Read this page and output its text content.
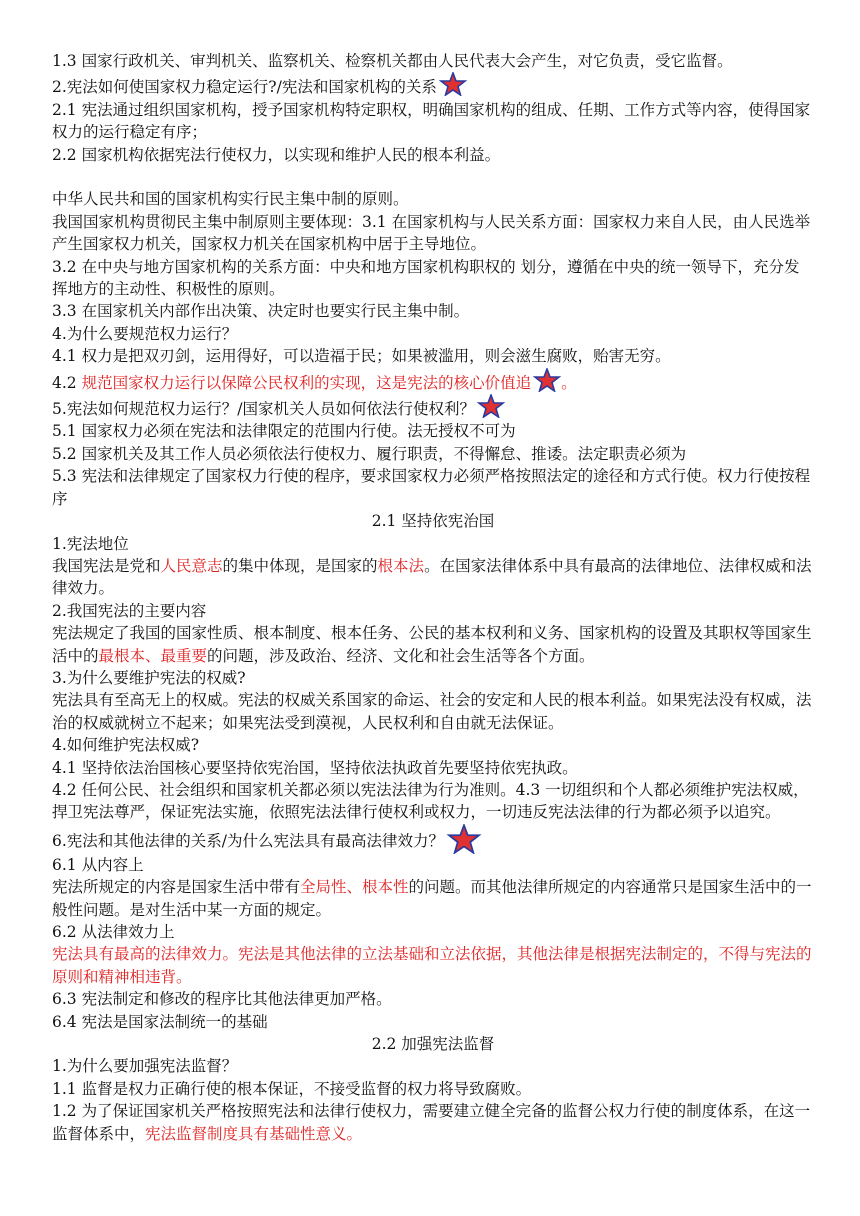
1.3 国家行政机关、审判机关、监察机关、检察机关都由人民代表大会产生，对它负责，受它监督。
2.宪法如何使国家权力稳定运行?/宪法和国家机构的关系
2.1 宪法通过组织国家机构，授予国家机构特定职权，明确国家机构的组成、任期、工作方式等内容，使得国家权力的运行稳定有序；
2.2 国家机构依据宪法行使权力，以实现和维护人民的根本利益。
中华人民共和国的国家机构实行民主集中制的原则。
我国国家机构贯彻民主集中制原则主要体现：3.1 在国家机构与人民关系方面：国家权力来自人民，由人民选举产生国家权力机关，国家权力机关在国家机构中居于主导地位。
3.2 在中央与地方国家机构的关系方面：中央和地方国家机构职权的 划分，遵循在中央的统一领导下，充分发挥地方的主动性、积极性的原则。
3.3 在国家机关内部作出决策、决定时也要实行民主集中制。
4.为什么要规范权力运行？
4.1 权力是把双刃剑，运用得好，可以造福于民；如果被滥用，则会滋生腐败，贻害无穷。
4.2 规范国家权力运行以保障公民权利的实现，这是宪法的核心价值追 。
5.宪法如何规范权力运行？/国家机关人员如何依法行使权利？
5.1 国家权力必须在宪法和法律限定的范围内行使。法无授权不可为
5.2 国家机关及其工作人员必须依法行使权力、履行职责，不得懈怠、推诿。法定职责必须为
5.3 宪法和法律规定了国家权力行使的程序，要求国家权力必须严格按照法定的途径和方式行使。权力行使按程序
2.1 坚持依宪治国
1.宪法地位
我国宪法是党和人民意志的集中体现，是国家的根本法。在国家法律体系中具有最高的法律地位、法律权威和法律效力。
2.我国宪法的主要内容
宪法规定了我国的国家性质、根本制度、根本任务、公民的基本权利和义务、国家机构的设置及其职权等国家生活中的最根本、最重要的问题，涉及政治、经济、文化和社会生活等各个方面。
3.为什么要维护宪法的权威?
宪法具有至高无上的权威。宪法的权威关系国家的命运、社会的安定和人民的根本利益。如果宪法没有权威，法治的权威就树立不起来；如果宪法受到漠视，人民权利和自由就无法保证。
4.如何维护宪法权威?
4.1 坚持依法治国核心要坚持依宪治国，坚持依法执政首先要坚持依宪执政。
4.2 任何公民、社会组织和国家机关都必须以宪法法律为行为准则。4.3 一切组织和个人都必须维护宪法权威，捍卫宪法尊严，保证宪法实施，依照宪法法律行使权利或权力，一切违反宪法法律的行为都必须予以追究。
6.宪法和其他法律的关系/为什么宪法具有最高法律效力？
6.1 从内容上
宪法所规定的内容是国家生活中带有全局性、根本性的问题。而其他法律所规定的内容通常只是国家生活中的一般性问题。是对生活中某一方面的规定。
6.2 从法律效力上
宪法具有最高的法律效力。宪法是其他法律的立法基础和立法依据，其他法律是根据宪法制定的，不得与宪法的原则和精神相违背。
6.3 宪法制定和修改的程序比其他法律更加严格。
6.4 宪法是国家法制统一的基础
2.2 加强宪法监督
1.为什么要加强宪法监督？
1.1 监督是权力正确行使的根本保证，不接受监督的权力将导致腐败。
1.2 为了保证国家机关严格按照宪法和法律行使权力，需要建立健全完备的监督公权力行使的制度体系，在这一监督体系中，宪法监督制度具有基础性意义。
